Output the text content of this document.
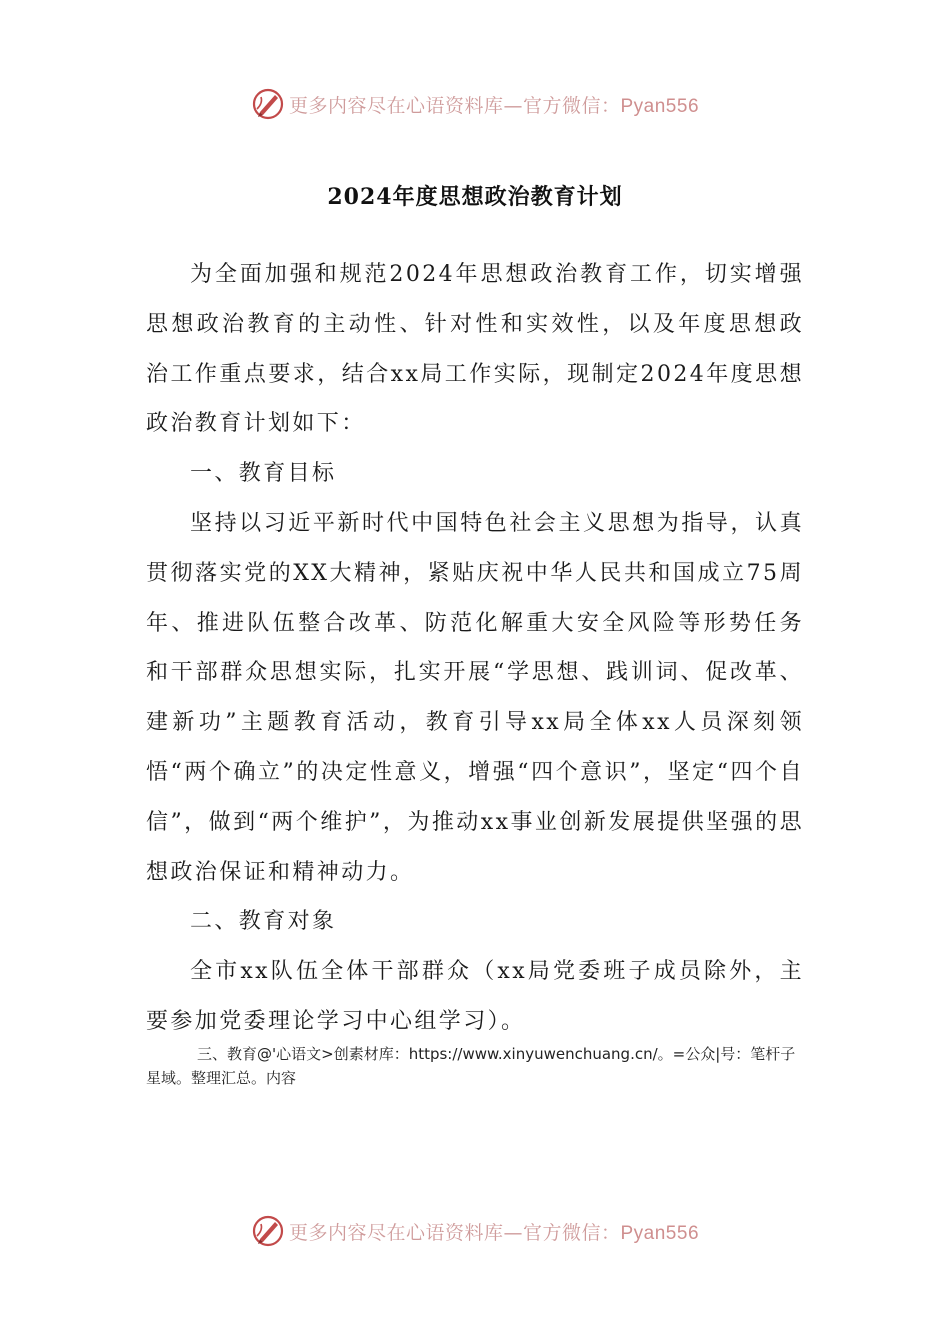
更多内容尽在心语资料库—官方微信：Pyan556
2024年度思想政治教育计划

为全面加强和规范2024年思想政治教育工作，切实增强思想政治教育的主动性、针对性和实效性，以及年度思想政治工作重点要求，结合xx局工作实际，现制定2024年度思想政治教育计划如下：

一、教育目标

坚持以习近平新时代中国特色社会主义思想为指导，认真贯彻落实党的XX大精神，紧贴庆祝中华人民共和国成立75周年、推进队伍整合改革、防范化解重大安全风险等形势任务和干部群众思想实际，扎实开展“学思想、践训词、促改革、建新功”主题教育活动，教育引导xx局全体xx人员深刻领悟“两个确立”的决定性意义，增强“四个意识”，坚定“四个自信”，做到“两个维护”，为推动xx事业创新发展提供坚强的思想政治保证和精神动力。

二、教育对象

全市xx队伍全体干部群众（xx局党委班子成员除外，主要参加党委理论学习中心组学习）。

三、教育@'心语文>创素材库：https://www.xinyuwenchuang.cn/。=公众|号：笔杆子星域。整理汇总。内容
更多内容尽在心语资料库—官方微信：Pyan556
